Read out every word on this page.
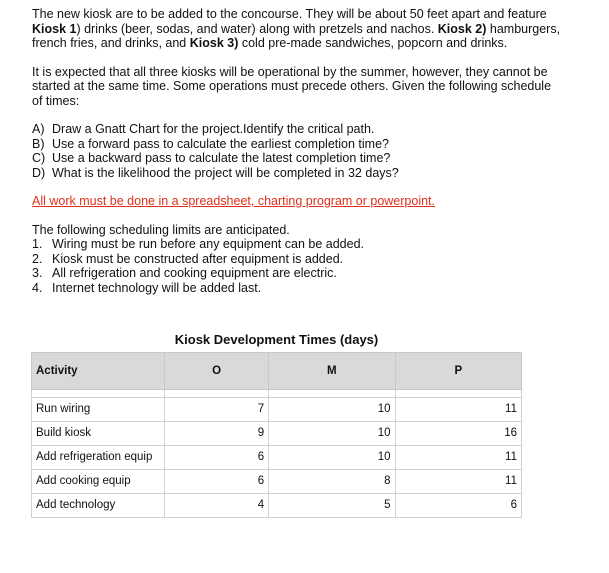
The new kiosk are to be added to the concourse. They will be about 50 feet apart and feature
Kiosk 1) drinks (beer, sodas, and water) along with pretzels and nachos. Kiosk 2) hamburgers,
french fries, and drinks, and Kiosk 3) cold pre-made sandwiches, popcorn and drinks.

It is expected that all three kiosks will be operational by the summer, however, they cannot be
started at the same time. Some operations must precede others. Given the following schedule
of times:

A) Draw a Gnatt Chart for the project.Identify the critical path.
B) Use a forward pass to calculate the earliest completion time?
C) Use a backward pass to calculate the latest completion time?
D) What is the likelihood the project will be completed in 32 days?

All work must be done in a spreadsheet, charting program or powerpoint.

The following scheduling limits are anticipated.

1. Wiring must be run before any equipment can be added.
2. Kiosk must be constructed after equipment is added.
3. All refrigeration and cooking equipment are electric.
4. Internet technology will be added last.
Kiosk Development Times (days)
Activity	O	M	P

Run wiring	7	10	11
Build kiosk	9	10	16
Add refrigeration equip	6	10	11
Add cooking equip	6	8	11
Add technology	4	5	6
